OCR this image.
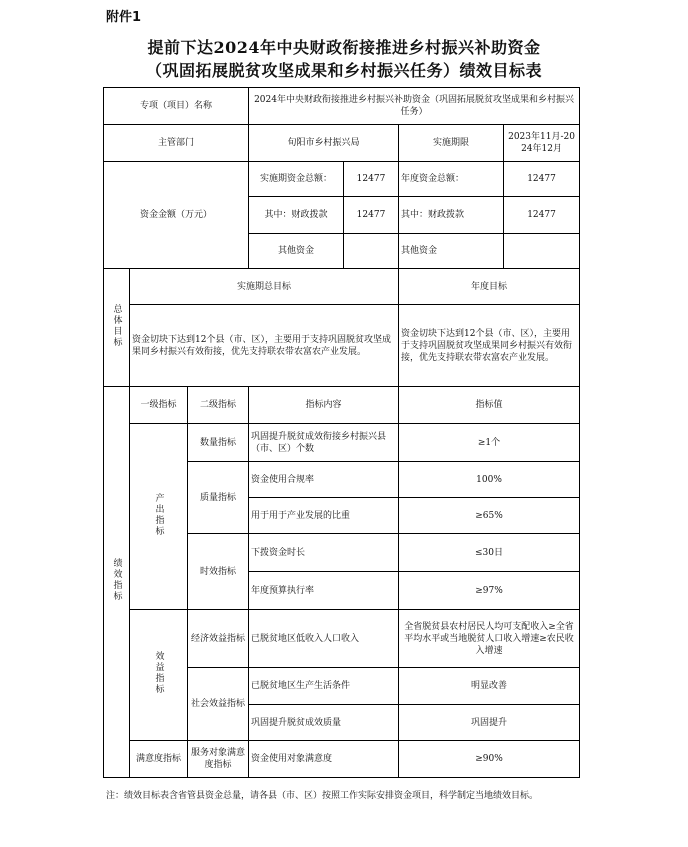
附件1
提前下达2024年中央财政衔接推进乡村振兴补助资金
（巩固拓展脱贫攻坚成果和乡村振兴任务）绩效目标表
专项（项目）名称			2024年中央财政衔接推进乡村振兴补助资金（巩固拓展脱贫攻坚成果和乡村振兴任务）			
主管部门			旬阳市乡村振兴局		实施期限	2023年11月-2024年12月
资金金额（万元）			实施期资金总额：	12477	年度资金总额：	12477
			其中：财政拨款	12477	其中：财政拨款	12477
			其他资金		其他资金	
总体目标	实施期总目标				年度目标	
	资金切块下达到12个县（市、区），主要用于支持巩固脱贫攻坚成果同乡村振兴有效衔接，优先支持联农带农富农产业发展。				资金切块下达到12个县（市、区），主要用于支持巩固脱贫攻坚成果同乡村振兴有效衔接，优先支持联农带农富农产业发展。	
绩效指标	一级指标	二级指标	指标内容		指标值	
	产出指标	数量指标	巩固提升脱贫成效衔接乡村振兴县（市、区）个数		≥1个	
		质量指标	资金使用合规率		100%	
			用于用于产业发展的比重		≥65%	
		时效指标	下拨资金时长		≤30日	
			年度预算执行率		≥97%	
	效益指标	经济效益指标	已脱贫地区低收入人口收入		全省脱贫县农村居民人均可支配收入≥全省平均水平或当地脱贫人口收入增速≥农民收入增速	
		社会效益指标	已脱贫地区生产生活条件		明显改善	
			巩固提升脱贫成效质量		巩固提升	
	满意度指标	服务对象满意度指标	资金使用对象满意度		≥90%	
注：绩效目标表含省管县资金总量，请各县（市、区）按照工作实际安排资金项目，科学制定当地绩效目标。
